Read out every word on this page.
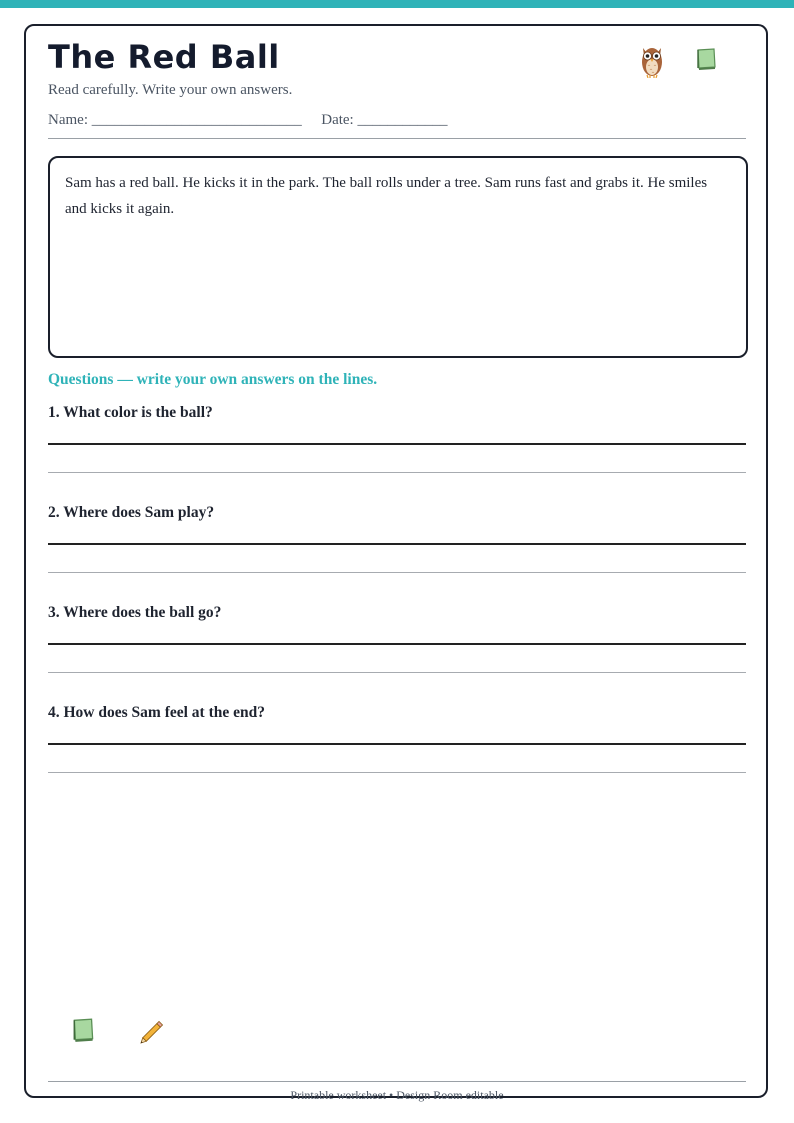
The Red Ball
Read carefully. Write your own answers.
Name: ____________________________ Date: ____________
Sam has a red ball. He kicks it in the park. The ball rolls under a tree. Sam runs fast and grabs it. He smiles and kicks it again.
Questions — write your own answers on the lines.
1. What color is the ball?
2. Where does Sam play?
3. Where does the ball go?
4. How does Sam feel at the end?
Printable worksheet • Design Room editable
